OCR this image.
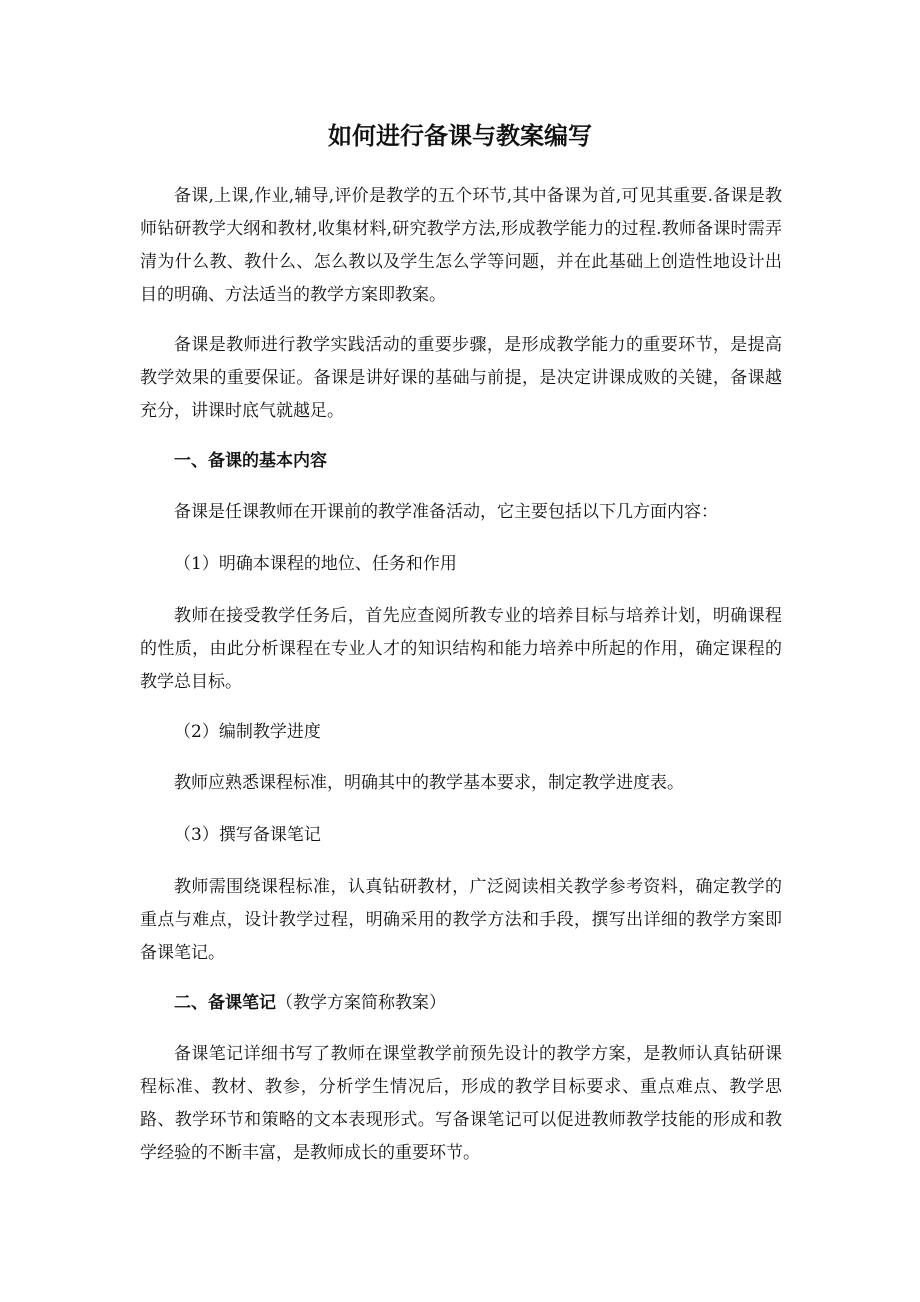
如何进行备课与教案编写

备课,上课,作业,辅导,评价是教学的五个环节,其中备课为首,可见其重要.备课是教师钻研教学大纲和教材,收集材料,研究教学方法,形成教学能力的过程.教师备课时需弄清为什么教、教什么、怎么教以及学生怎么学等问题，并在此基础上创造性地设计出目的明确、方法适当的教学方案即教案。

备课是教师进行教学实践活动的重要步骤，是形成教学能力的重要环节，是提高教学效果的重要保证。备课是讲好课的基础与前提，是决定讲课成败的关键，备课越充分，讲课时底气就越足。

一、备课的基本内容

备课是任课教师在开课前的教学准备活动，它主要包括以下几方面内容：

（1）明确本课程的地位、任务和作用

教师在接受教学任务后，首先应查阅所教专业的培养目标与培养计划，明确课程的性质，由此分析课程在专业人才的知识结构和能力培养中所起的作用，确定课程的教学总目标。

（2）编制教学进度

教师应熟悉课程标准，明确其中的教学基本要求，制定教学进度表。

（3）撰写备课笔记

教师需围绕课程标准，认真钻研教材，广泛阅读相关教学参考资料，确定教学的重点与难点，设计教学过程，明确采用的教学方法和手段，撰写出详细的教学方案即备课笔记。

二、备课笔记（教学方案简称教案）

备课笔记详细书写了教师在课堂教学前预先设计的教学方案，是教师认真钻研课程标准、教材、教参，分析学生情况后，形成的教学目标要求、重点难点、教学思路、教学环节和策略的文本表现形式。写备课笔记可以促进教师教学技能的形成和教学经验的不断丰富，是教师成长的重要环节。
